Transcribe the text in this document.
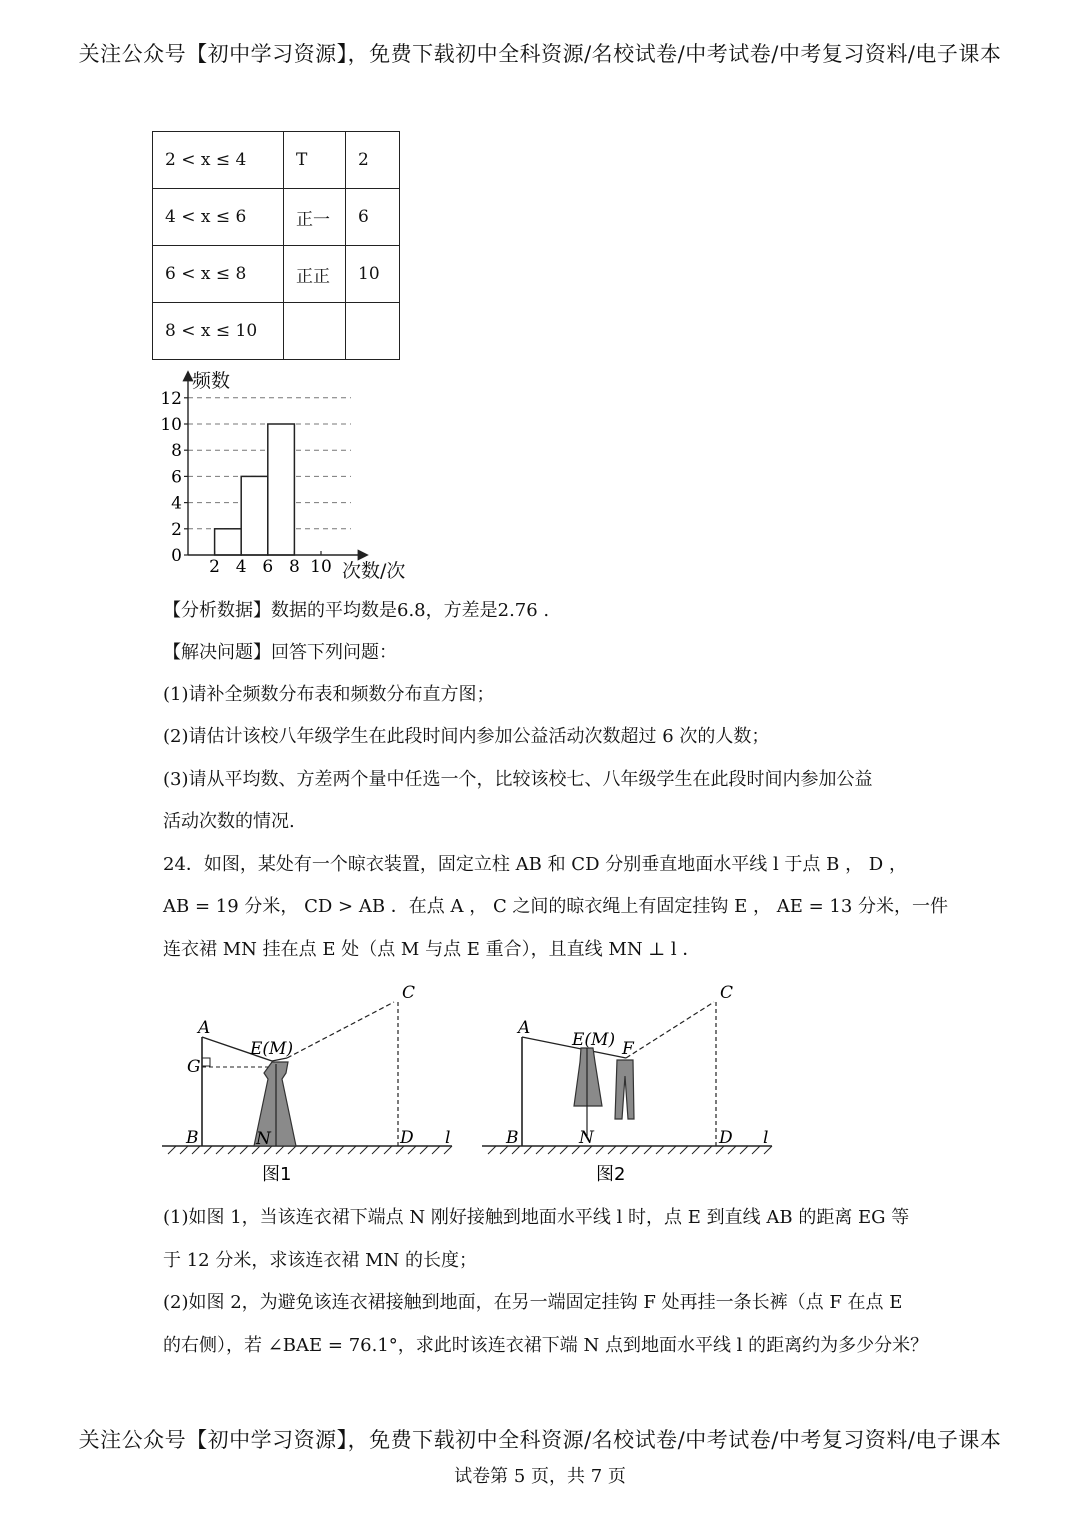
关注公众号【初中学习资源】，免费下载初中全科资源/名校试卷/中考试卷/中考复习资料/电子课本
2 < x ≤ 4	T	2
4 < x ≤ 6	正一	6
6 < x ≤ 8	正正	10
8 < x ≤ 10		
0
2
4
6
8
10
12
2 4 6 8 10
频数
次数/次
【分析数据】数据的平均数是6.8，方差是2.76 .
【解决问题】回答下列问题：
(1)请补全频数分布表和频数分布直方图；
(2)请估计该校八年级学生在此段时间内参加公益活动次数超过 6 次的人数；
(3)请从平均数、方差两个量中任选一个，比较该校七、八年级学生在此段时间内参加公益
活动次数的情况.
24．如图，某处有一个晾衣装置，固定立柱 AB 和 CD 分别垂直地面水平线 l 于点 B ， D ，
AB = 19 分米， CD > AB ．在点 A ， C 之间的晾衣绳上有固定挂钩 E ， AE = 13 分米，一件
连衣裙 MN 挂在点 E 处（点 M 与点 E 重合），且直线 MN ⊥ l ．
A
G
E(M)
C
B	N	D l
图1
A
E(M) F
C
B	N	D l
图2
(1)如图 1，当该连衣裙下端点 N 刚好接触到地面水平线 l 时，点 E 到直线 AB 的距离 EG 等
于 12 分米，求该连衣裙 MN 的长度；
(2)如图 2，为避免该连衣裙接触到地面，在另一端固定挂钩 F 处再挂一条长裤（点 F 在点 E
的右侧），若 ∠BAE = 76.1°，求此时该连衣裙下端 N 点到地面水平线 l 的距离约为多少分米？
关注公众号【初中学习资源】，免费下载初中全科资源/名校试卷/中考试卷/中考复习资料/电子课本
试卷第 5 页，共 7 页
